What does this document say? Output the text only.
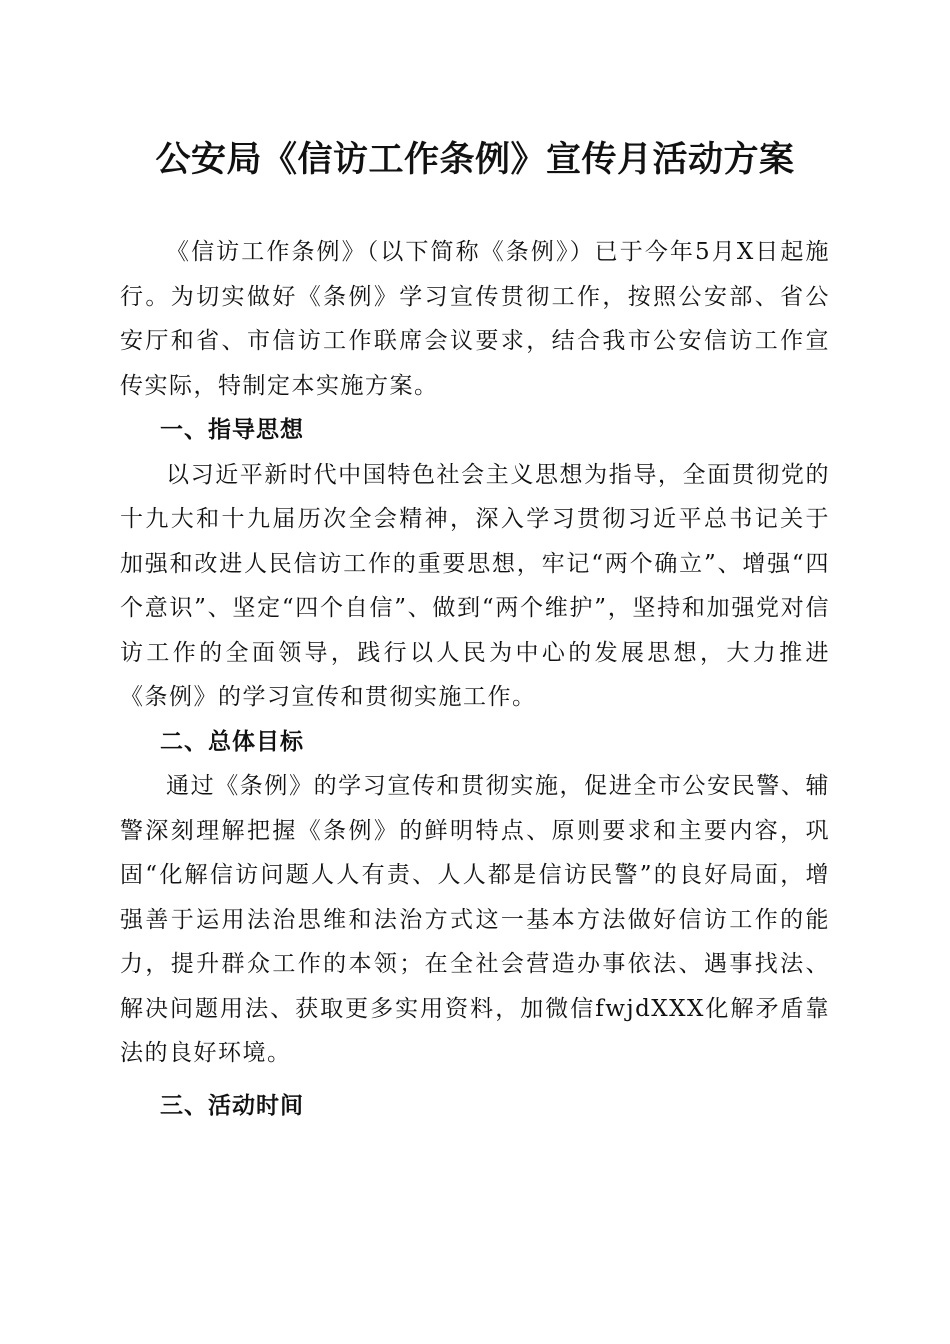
公安局《信访工作条例》宣传月活动方案

《信访工作条例》（以下简称《条例》）已于今年5月X日起施行。为切实做好《条例》学习宣传贯彻工作，按照公安部、省公安厅和省、市信访工作联席会议要求，结合我市公安信访工作宣传实际，特制定本实施方案。

一、指导思想

以习近平新时代中国特色社会主义思想为指导，全面贯彻党的十九大和十九届历次全会精神，深入学习贯彻习近平总书记关于加强和改进人民信访工作的重要思想，牢记“两个确立”、增强“四个意识”、坚定“四个自信”、做到“两个维护”，坚持和加强党对信访工作的全面领导，践行以人民为中心的发展思想，大力推进《条例》的学习宣传和贯彻实施工作。

二、总体目标

通过《条例》的学习宣传和贯彻实施，促进全市公安民警、辅警深刻理解把握《条例》的鲜明特点、原则要求和主要内容，巩固“化解信访问题人人有责、人人都是信访民警”的良好局面，增强善于运用法治思维和法治方式这一基本方法做好信访工作的能力，提升群众工作的本领；在全社会营造办事依法、遇事找法、解决问题用法、获取更多实用资料，加微信fwjdXXX化解矛盾靠法的良好环境。

三、活动时间
